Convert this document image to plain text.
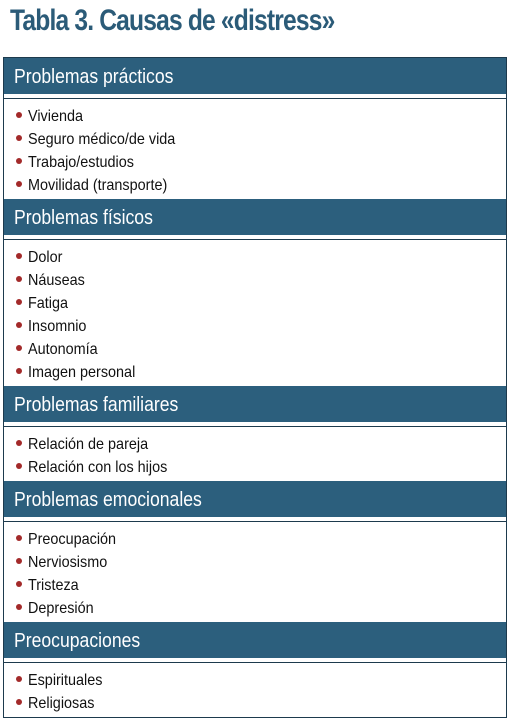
Tabla 3. Causas de «distress»
Problemas prácticos
Vivienda
Seguro médico/de vida
Trabajo/estudios
Movilidad (transporte)
Problemas físicos
Dolor
Náuseas
Fatiga
Insomnio
Autonomía
Imagen personal
Problemas familiares
Relación de pareja
Relación con los hijos
Problemas emocionales
Preocupación
Nerviosismo
Tristeza
Depresión
Preocupaciones
Espirituales
Religiosas
